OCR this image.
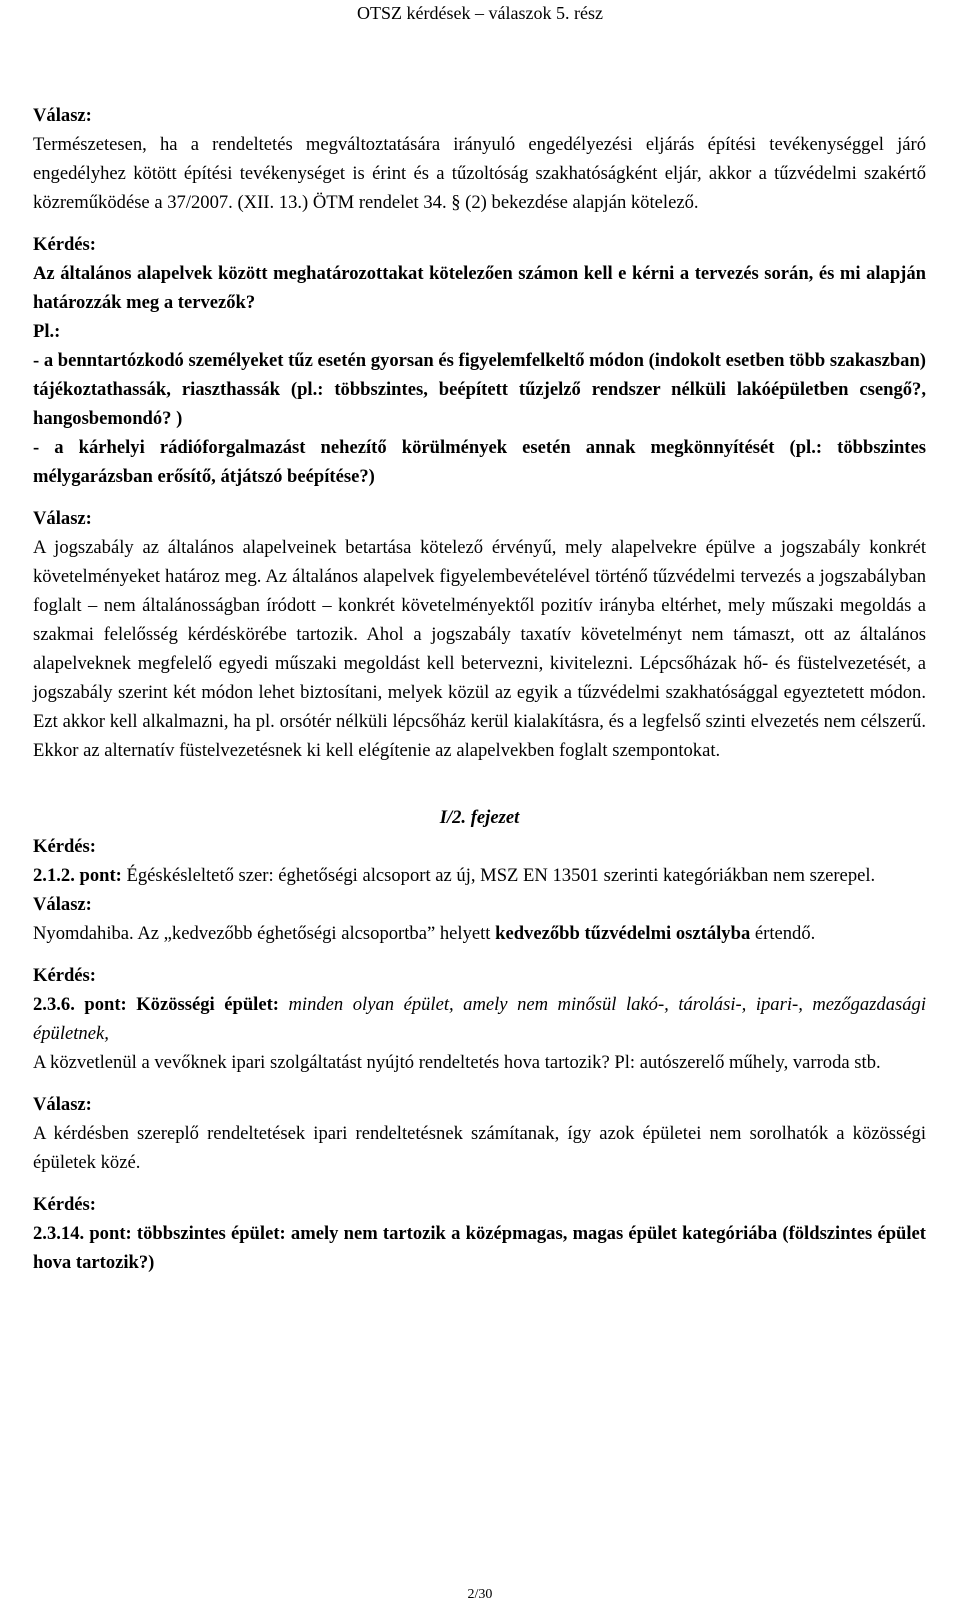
OTSZ kérdések – válaszok 5. rész

Válasz:

Természetesen, ha a rendeltetés megváltoztatására irányuló engedélyezési eljárás építési tevékenységgel járó engedélyhez kötött építési tevékenységet is érint és a tűzoltóság szakhatóságként eljár, akkor a tűzvédelmi szakértő közreműködése a 37/2007. (XII. 13.) ÖTM rendelet 34. § (2) bekezdése alapján kötelező.

Kérdés:

Az általános alapelvek között meghatározottakat kötelezően számon kell e kérni a tervezés során, és mi alapján határozzák meg a tervezők?

Pl.:

- a benntartózkodó személyeket tűz esetén gyorsan és figyelemfelkeltő módon (indokolt esetben több szakaszban) tájékoztathassák, riaszthassák (pl.: többszintes, beépített tűzjelző rendszer nélküli lakóépületben csengő?, hangosbemondó? )

- a kárhelyi rádióforgalmazást nehezítő körülmények esetén annak megkönnyítését (pl.: többszintes mélygarázsban erősítő, átjátszó beépítése?)

Válasz:

A jogszabály az általános alapelveinek betartása kötelező érvényű, mely alapelvekre épülve a jogszabály konkrét követelményeket határoz meg. Az általános alapelvek figyelembevételével történő tűzvédelmi tervezés a jogszabályban foglalt – nem általánosságban íródott – konkrét követelményektől pozitív irányba eltérhet, mely műszaki megoldás a szakmai felelősség kérdéskörébe tartozik. Ahol a jogszabály taxatív követelményt nem támaszt, ott az általános alapelveknek megfelelő egyedi műszaki megoldást kell betervezni, kivitelezni. Lépcsőházak hő- és füstelvezetését, a jogszabály szerint két módon lehet biztosítani, melyek közül az egyik a tűzvédelmi szakhatósággal egyeztetett módon. Ezt akkor kell alkalmazni, ha pl. orsótér nélküli lépcsőház kerül kialakításra, és a legfelső szinti elvezetés nem célszerű. Ekkor az alternatív füstelvezetésnek ki kell elégítenie az alapelvekben foglalt szempontokat.

I/2. fejezet

Kérdés:

2.1.2. pont: Égéskésleltető szer: éghetőségi alcsoport az új, MSZ EN 13501 szerinti kategóriákban nem szerepel.

Válasz:

Nyomdahiba. Az „kedvezőbb éghetőségi alcsoportba” helyett kedvezőbb tűzvédelmi osztályba értendő.

Kérdés:

2.3.6. pont: Közösségi épület: minden olyan épület, amely nem minősül lakó-, tárolási-, ipari-, mezőgazdasági épületnek,

A közvetlenül a vevőknek ipari szolgáltatást nyújtó rendeltetés hova tartozik? Pl: autószerelő műhely, varroda stb.

Válasz:

A kérdésben szereplő rendeltetések ipari rendeltetésnek számítanak, így azok épületei nem sorolhatók a közösségi épületek közé.

Kérdés:

2.3.14. pont: többszintes épület: amely nem tartozik a középmagas, magas épület kategóriába (földszintes épület hova tartozik?)

2/30
